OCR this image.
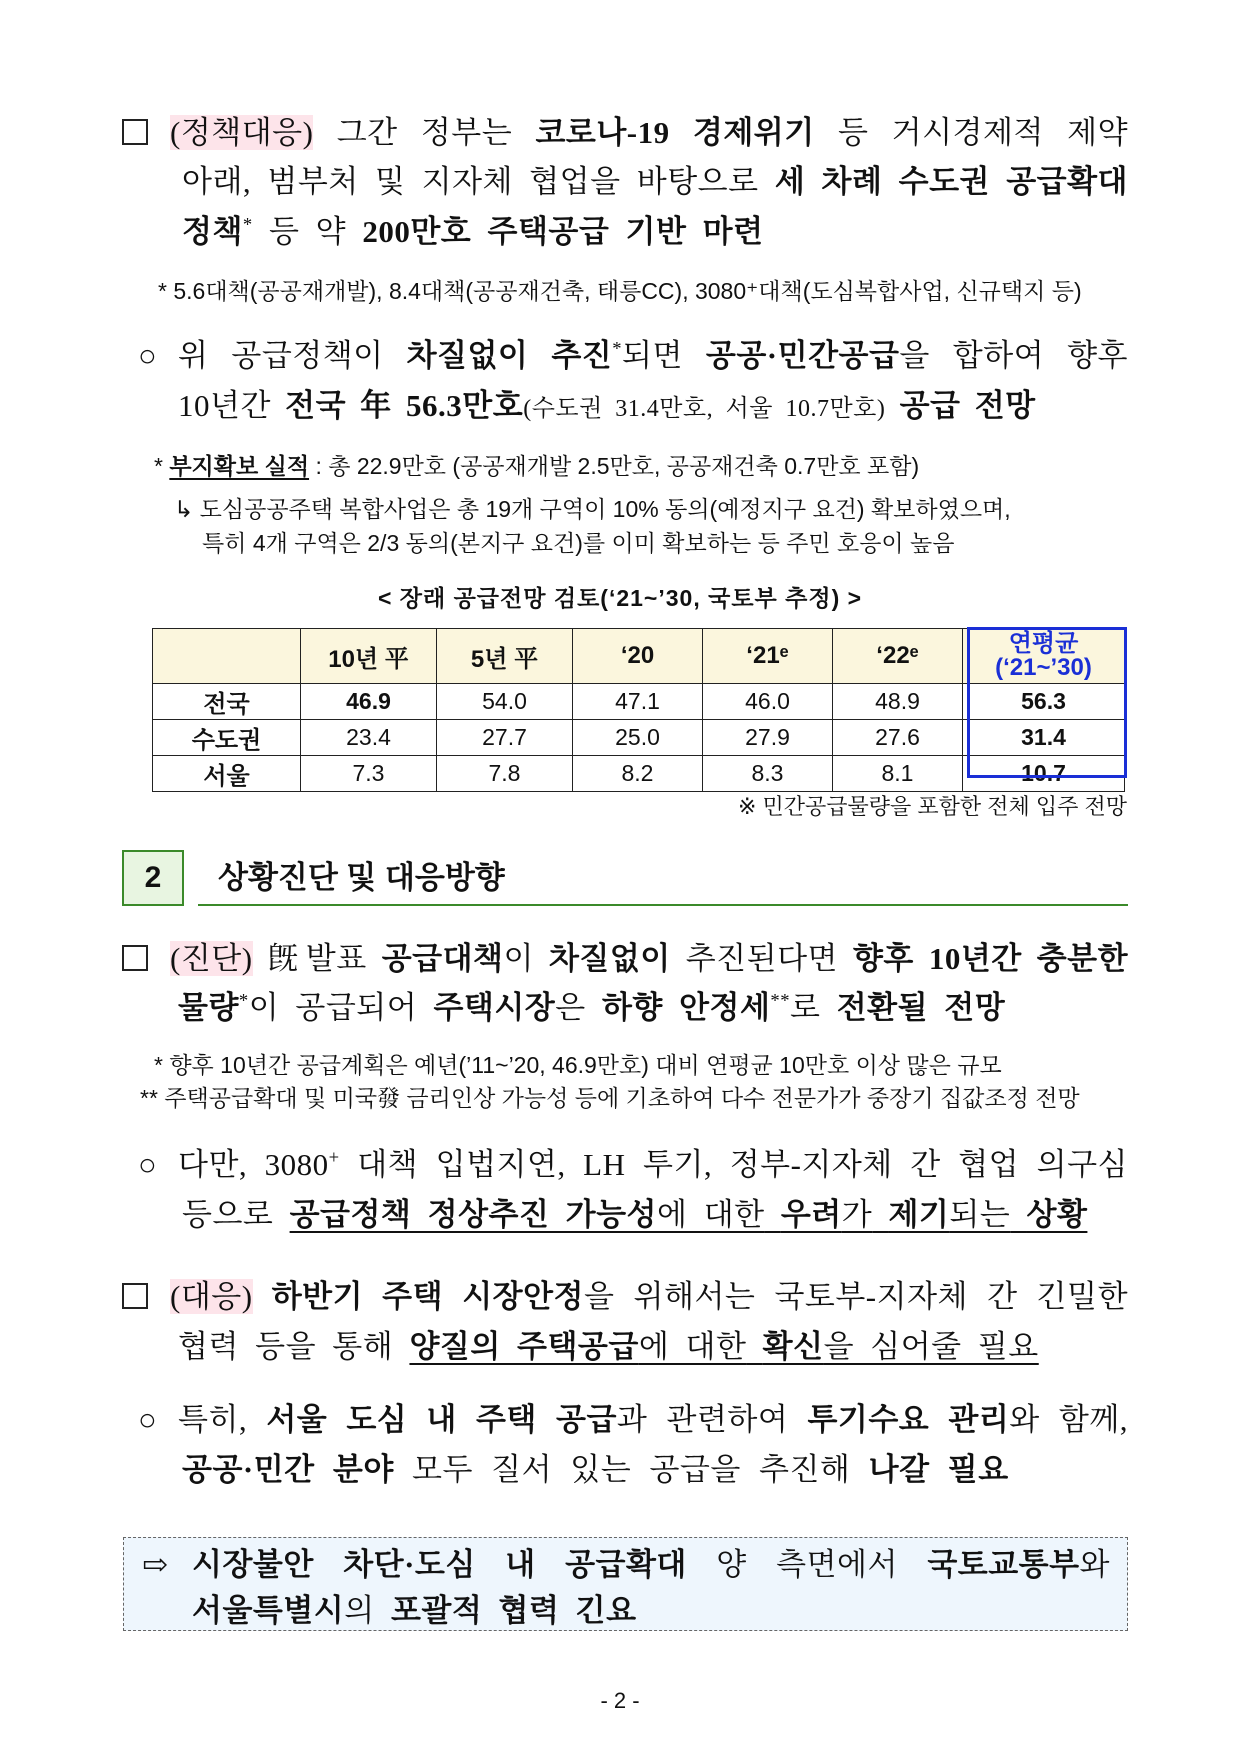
(정책대응) 그간 정부는 코로나-19 경제위기 등 거시경제적 제약
아래, 범부처 및 지자체 협업을 바탕으로 세 차례 수도권 공급확대
정책* 등 약 200만호 주택공급 기반 마련
* 5.6대책(공공재개발), 8.4대책(공공재건축, 태릉CC), 3080⁺대책(도심복합사업, 신규택지 등)
○ 위 공급정책이 차질없이 추진*되면 공공·민간공급을 합하여 향후
10년간 전국 年 56.3만호(수도권 31.4만호, 서울 10.7만호) 공급 전망
* 부지확보 실적 : 총 22.9만호 (공공재개발 2.5만호, 공공재건축 0.7만호 포함)
↳ 도심공공주택 복합사업은 총 19개 구역이 10% 동의(예정지구 요건) 확보하였으며,
특히 4개 구역은 2/3 동의(본지구 요건)를 이미 확보하는 등 주민 호응이 높음
< 장래 공급전망 검토(‘21~’30, 국토부 추정) >
	10년 平	5년 平	‘20	‘21ᵉ	‘22ᵉ	연평균
(‘21~’30)

전국	46.9	54.0	47.1	46.0	48.9	56.3
수도권	23.4	27.7	25.0	27.9	27.6	31.4
서울	7.3	7.8	8.2	8.3	8.1	10.7
※ 민간공급물량을 포함한 전체 입주 전망
2	상황진단 및 대응방향
(진단) 旣발표 공급대책이 차질없이 추진된다면 향후 10년간 충분한
물량*이 공급되어 주택시장은 하향 안정세**로 전환될 전망
* 향후 10년간 공급계획은 예년(’11~’20, 46.9만호) 대비 연평균 10만호 이상 많은 규모
** 주택공급확대 및 미국發 금리인상 가능성 등에 기초하여 다수 전문가가 중장기 집값조정 전망
○ 다만, 3080+ 대책 입법지연, LH 투기, 정부-지자체 간 협업 의구심
등으로 공급정책 정상추진 가능성에 대한 우려가 제기되는 상황
(대응) 하반기 주택 시장안정을 위해서는 국토부-지자체 간 긴밀한
협력 등을 통해 양질의 주택공급에 대한 확신을 심어줄 필요
○ 특히, 서울 도심 내 주택 공급과 관련하여 투기수요 관리와 함께,
공공·민간 분야 모두 질서 있는 공급을 추진해 나갈 필요
⇨ 시장불안 차단·도심 내 공급확대 양 측면에서 국토교통부와
서울특별시의 포괄적 협력 긴요
- 2 -
